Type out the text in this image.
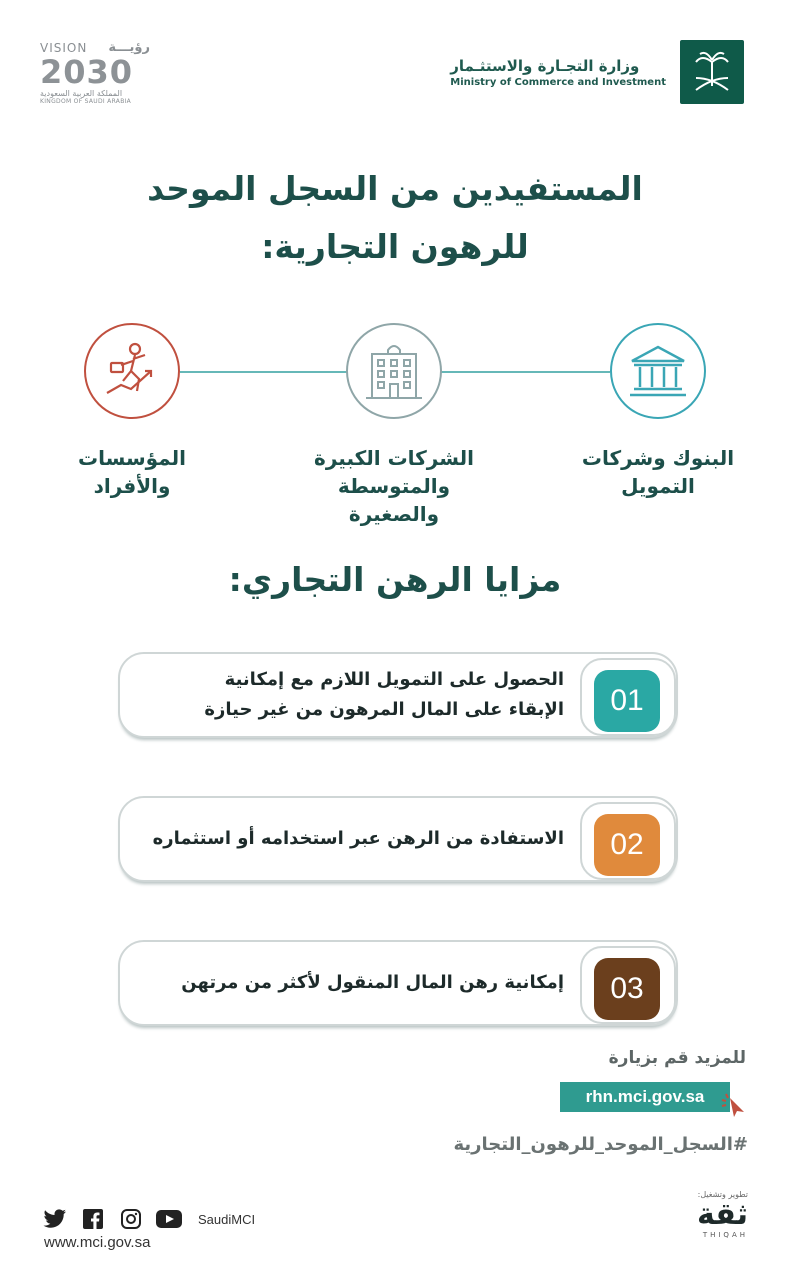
وزارة التجـارة والاستثـمار
Ministry of Commerce and Investment
VISION رؤيـــة
2030
المملكة العربية السعودية
KINGDOM OF SAUDI ARABIA
المستفيدين من السجل الموحد
للرهون التجارية:
البنوك وشركات
التمويل
الشركات الكبيرة
والمتوسطة والصغيرة
المؤسسات
والأفراد
مزايا الرهن التجاري:
الحصول على التمويل اللازم مع إمكانية
الإبقاء على المال المرهون من غير حيازة	01
الاستفادة من الرهن عبر استخدامه أو استثماره	02
إمكانية رهن المال المنقول لأكثر من مرتهن	03
للمزيد قم بزيارة
rhn.mci.gov.sa
#السجل_الموحد_للرهون_التجارية
SaudiMCI
www.mci.gov.sa
تطوير وتشغيل:
ثقة
THIQAH
